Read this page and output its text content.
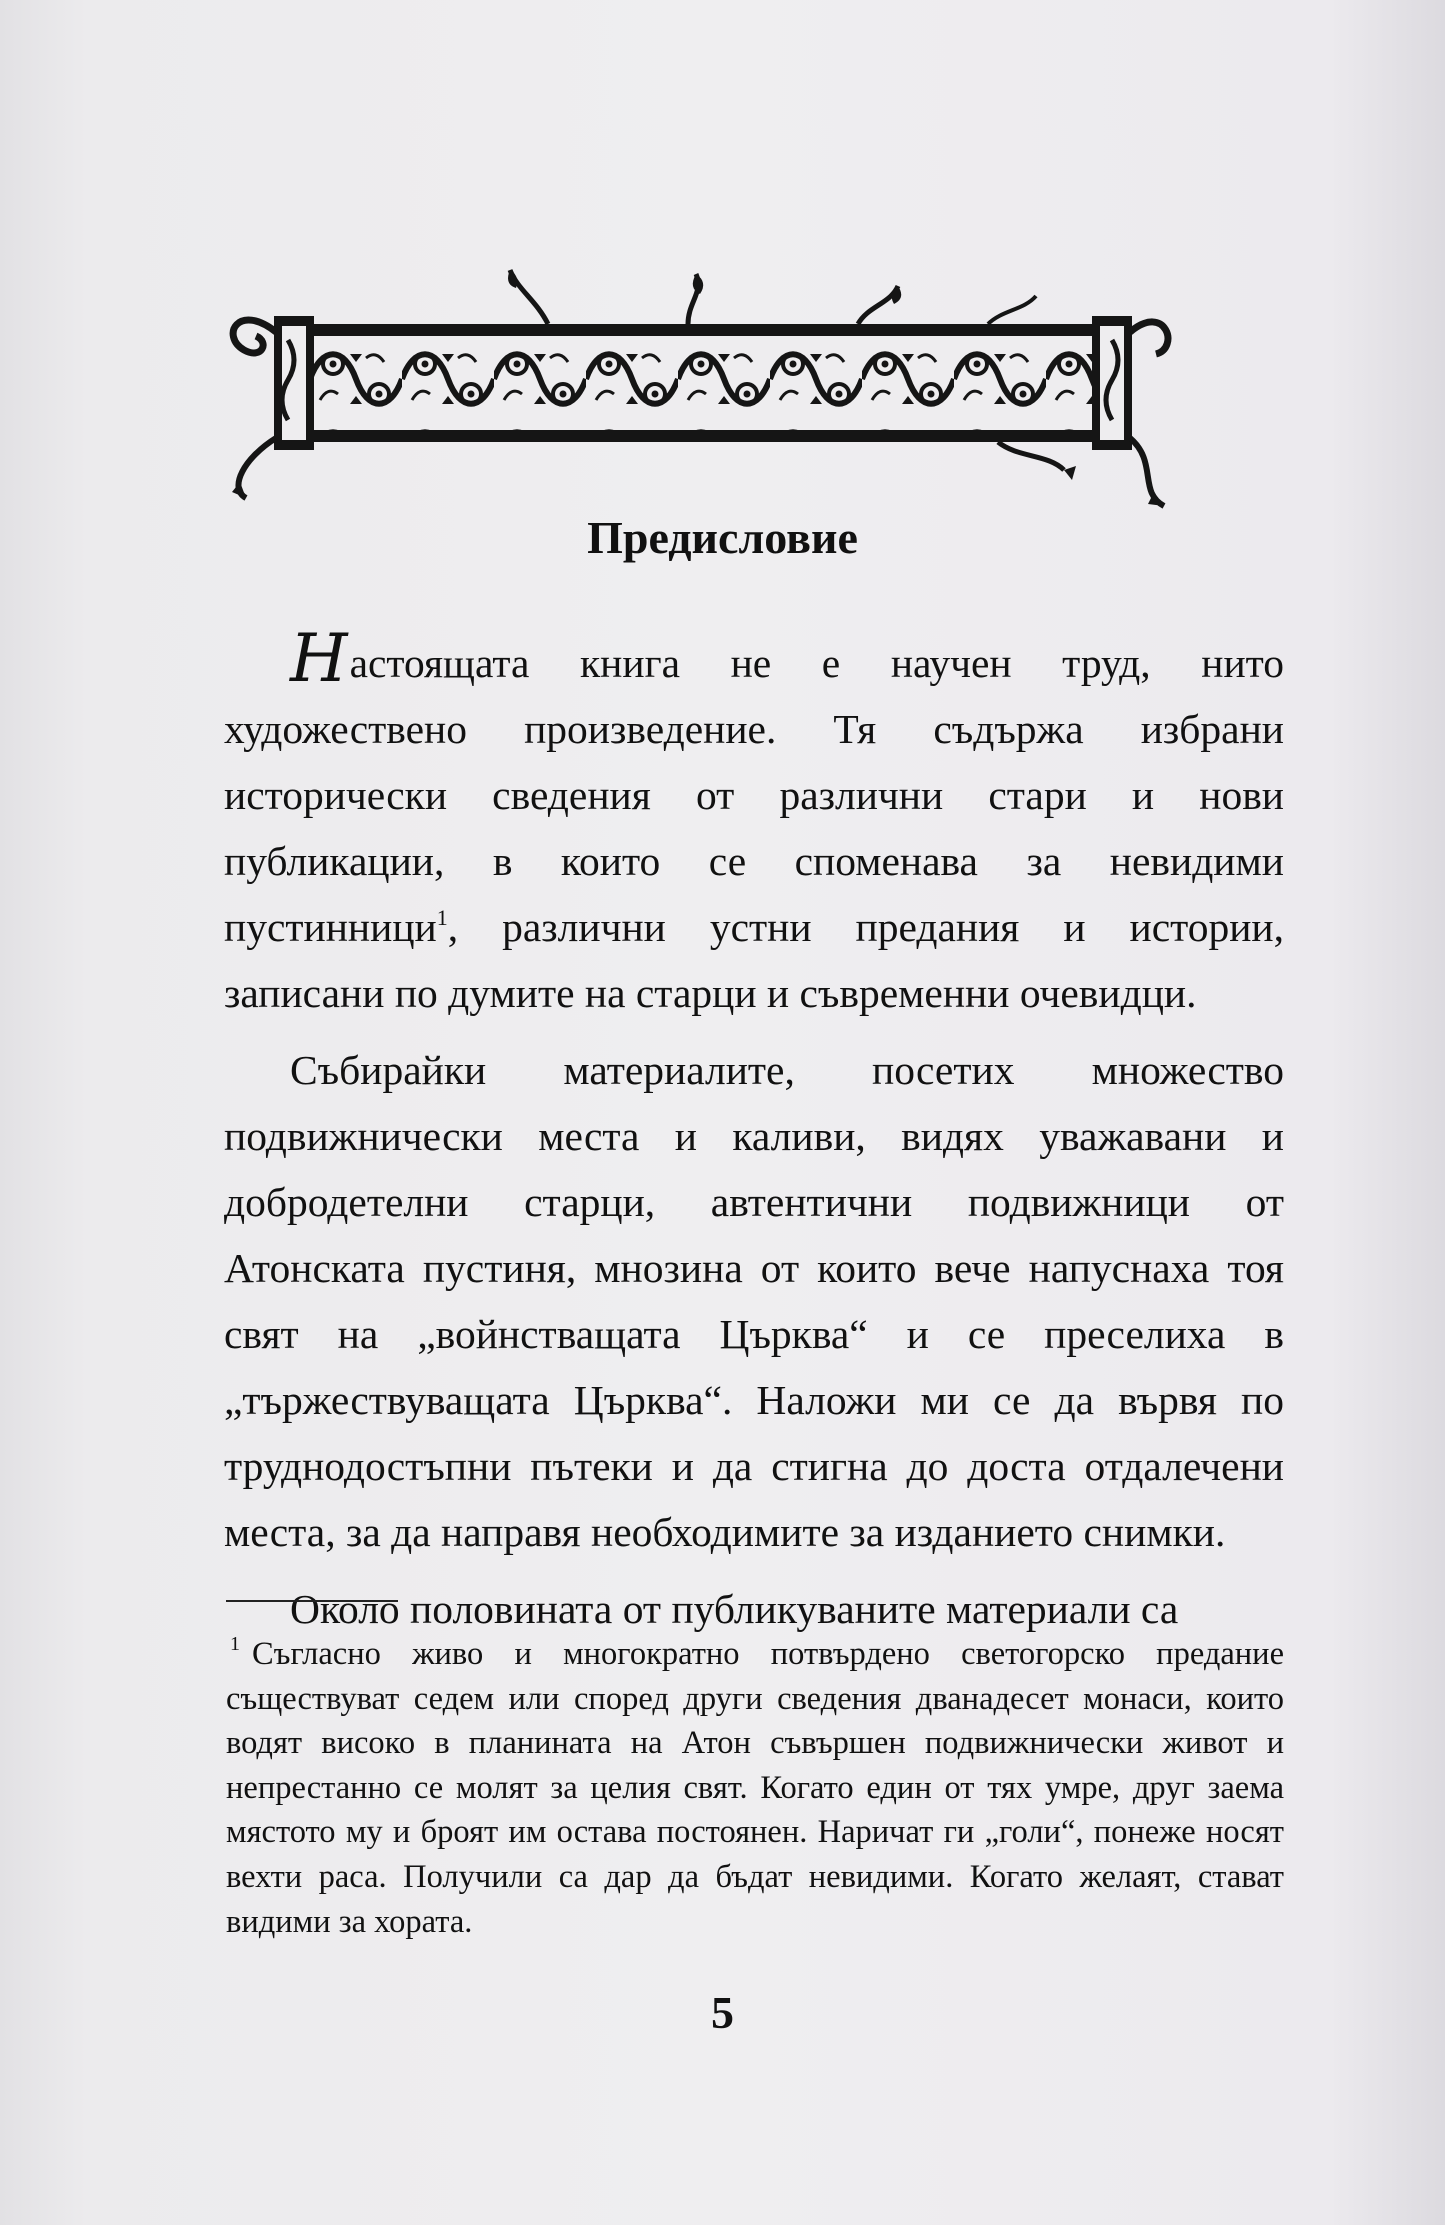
Предисловие

Настоящата книга не е научен труд, нито художествено произведение. Тя съдържа избрани исторически сведения от различни стари и нови публикации, в които се споменава за невидими пустинници$^1$, различни устни предания и истории, записани по думите на старци и съвременни очевидци.

Събирайки материалите, посетих множество подвижнически места и каливи, видях уважавани и добродетелни старци, автентични подвижници от Атонската пустиня, мнозина от които вече напуснаха тоя свят на „войнстващата Църква“ и се преселиха в „тържествуващата Църква“. Наложи ми се да вървя по труднодостъпни пътеки и да стигна до доста отдалечени места, за да направя необходимите за изданието снимки.

Около половината от публикуваните материали са

$^1$ Съгласно живо и многократно потвърдено светогорско предание съществуват седем или според други сведения дванадесет монаси, които водят високо в планината на Атон съвършен подвижнически живот и непрестанно се молят за целия свят. Когато един от тях умре, друг заема мястото му и броят им остава постоянен. Наричат ги „голи“, понеже носят вехти раса. Получили са дар да бъдат невидими. Когато желаят, стават видими за хората.

5
